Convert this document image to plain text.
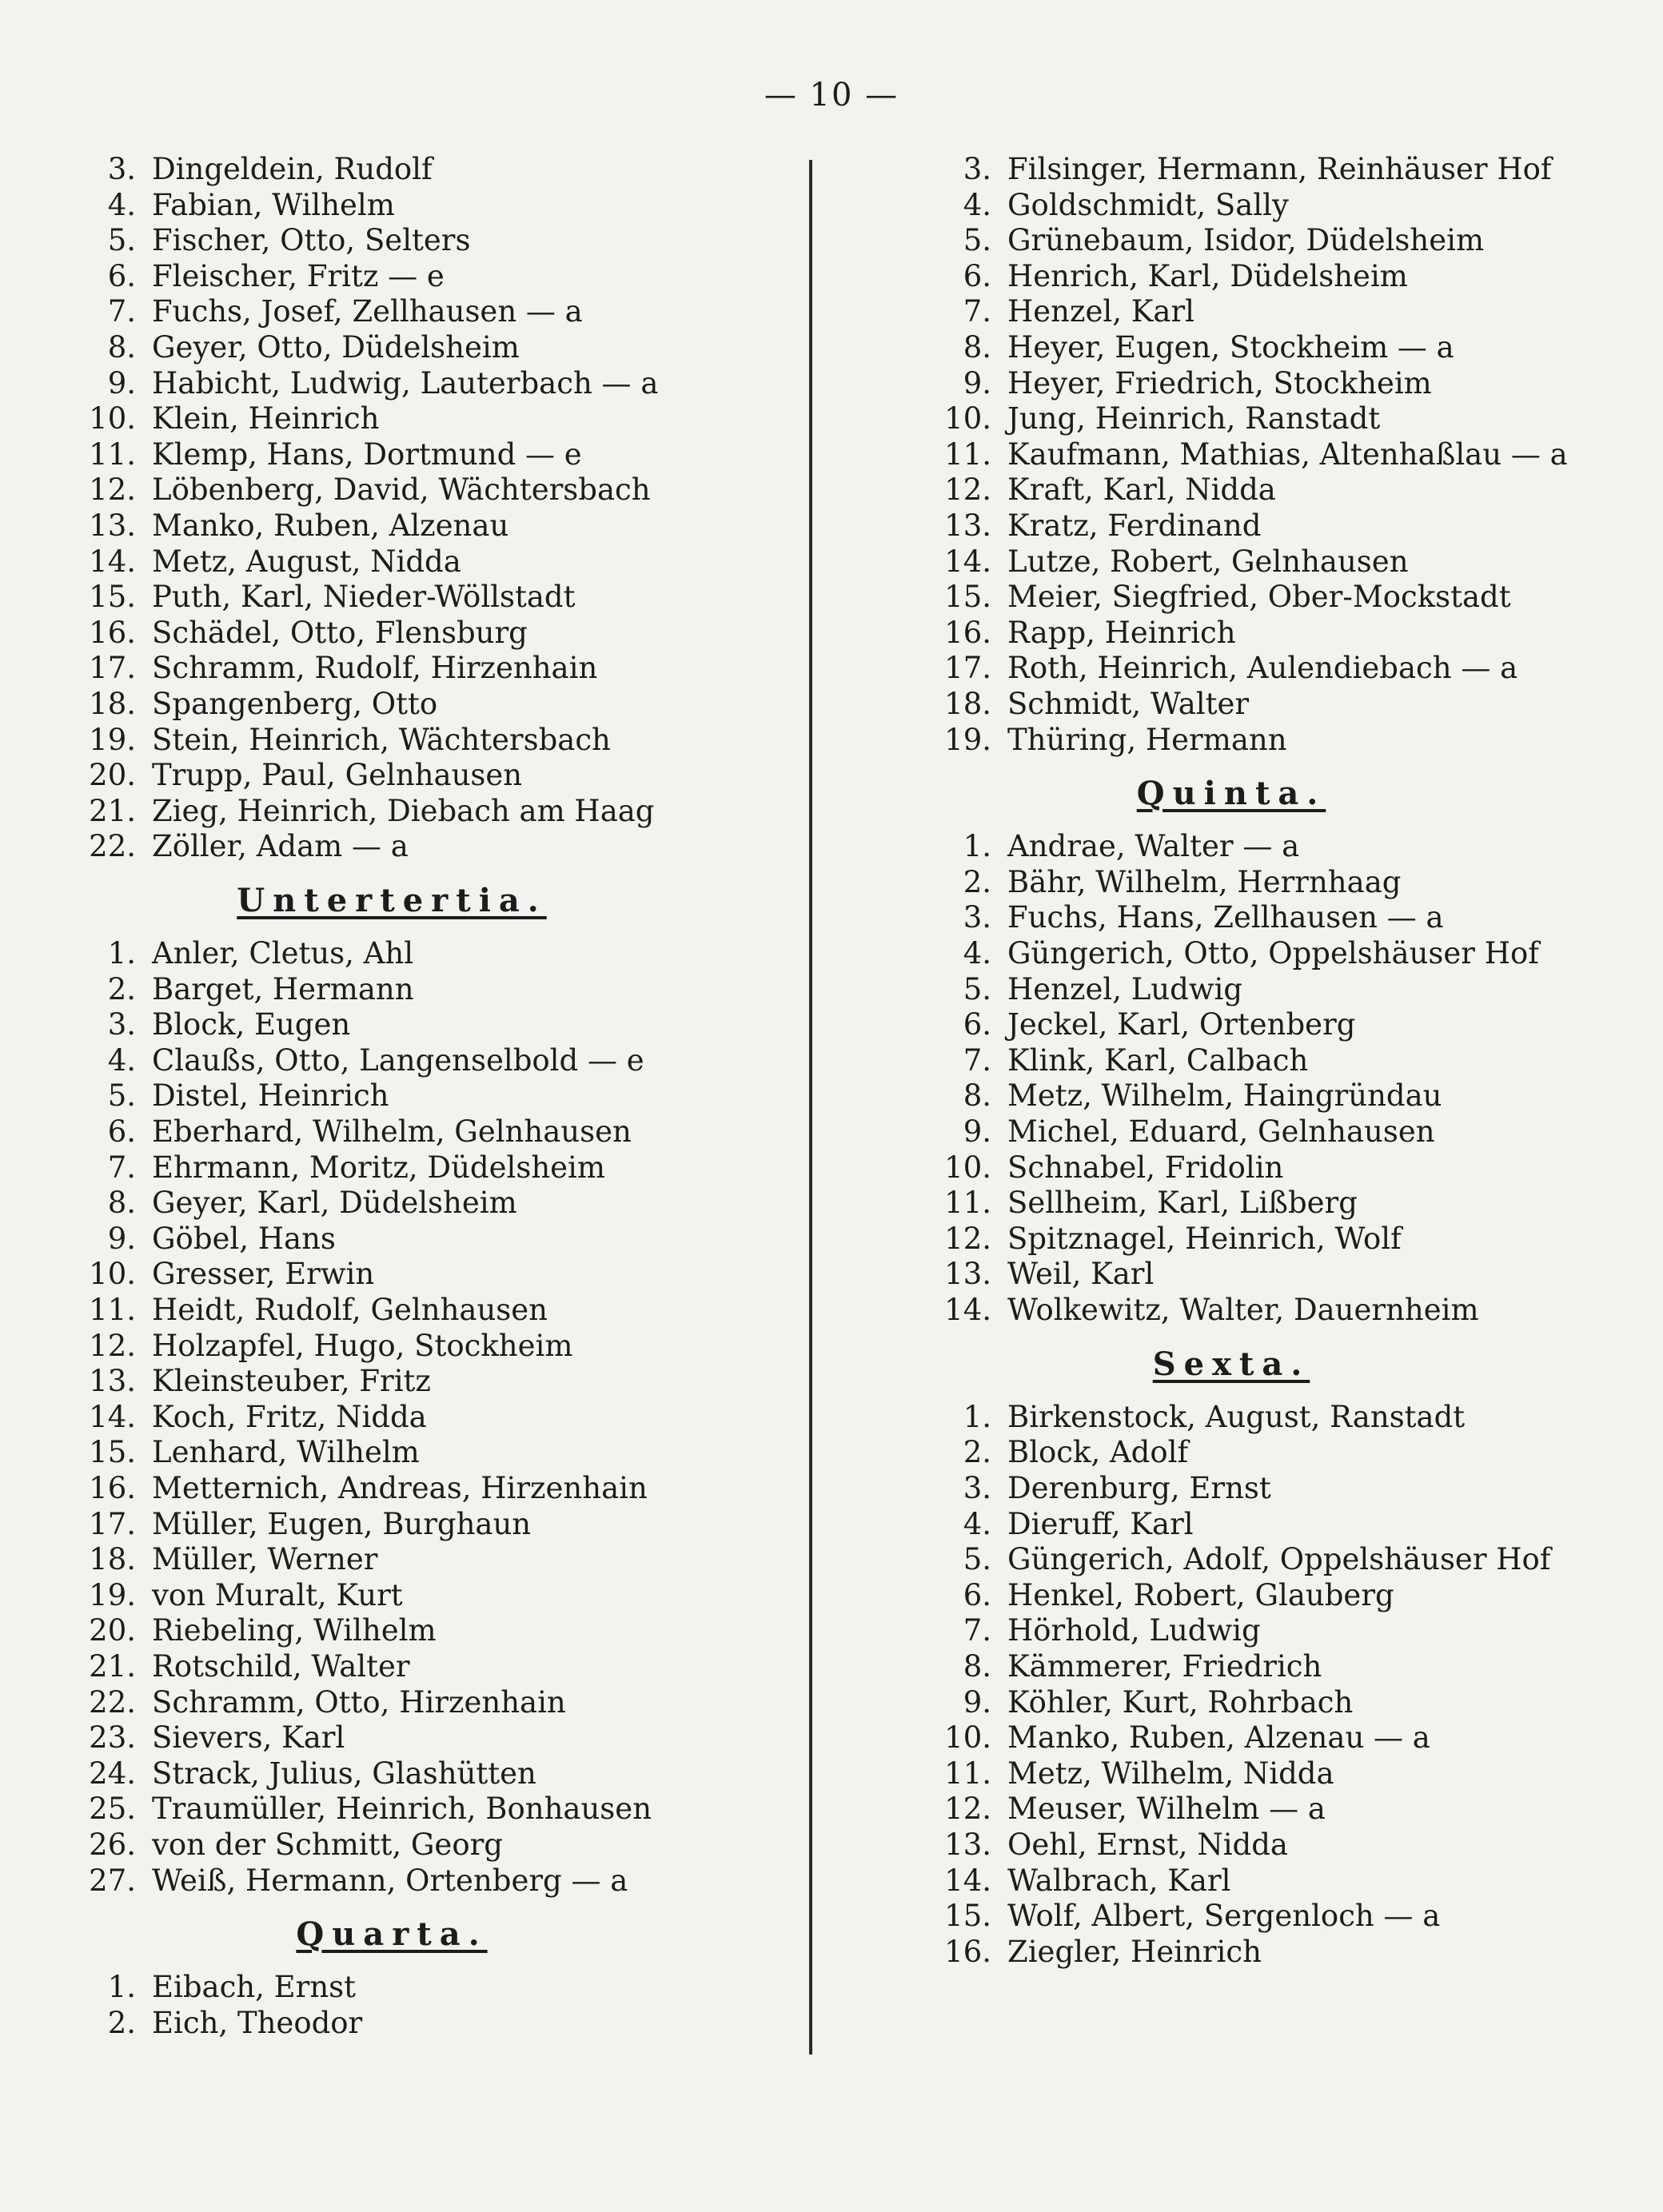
— 10 —
3. Dingeldein, Rudolf
4. Fabian, Wilhelm
5. Fischer, Otto, Selters
6. Fleischer, Fritz — e
7. Fuchs, Josef, Zellhausen — a
8. Geyer, Otto, Düdelsheim
9. Habicht, Ludwig, Lauterbach — a
10. Klein, Heinrich
11. Klemp, Hans, Dortmund — e
12. Löbenberg, David, Wächtersbach
13. Manko, Ruben, Alzenau
14. Metz, August, Nidda
15. Puth, Karl, Nieder-Wöllstadt
16. Schädel, Otto, Flensburg
17. Schramm, Rudolf, Hirzenhain
18. Spangenberg, Otto
19. Stein, Heinrich, Wächtersbach
20. Trupp, Paul, Gelnhausen
21. Zieg, Heinrich, Diebach am Haag
22. Zöller, Adam — a
Untertertia.
1. Anler, Cletus, Ahl
2. Barget, Hermann
3. Block, Eugen
4. Claußs, Otto, Langenselbold — e
5. Distel, Heinrich
6. Eberhard, Wilhelm, Gelnhausen
7. Ehrmann, Moritz, Düdelsheim
8. Geyer, Karl, Düdelsheim
9. Göbel, Hans
10. Gresser, Erwin
11. Heidt, Rudolf, Gelnhausen
12. Holzapfel, Hugo, Stockheim
13. Kleinsteuber, Fritz
14. Koch, Fritz, Nidda
15. Lenhard, Wilhelm
16. Metternich, Andreas, Hirzenhain
17. Müller, Eugen, Burghaun
18. Müller, Werner
19. von Muralt, Kurt
20. Riebeling, Wilhelm
21. Rotschild, Walter
22. Schramm, Otto, Hirzenhain
23. Sievers, Karl
24. Strack, Julius, Glashütten
25. Traumüller, Heinrich, Bonhausen
26. von der Schmitt, Georg
27. Weiß, Hermann, Ortenberg — a
Quarta.
1. Eibach, Ernst
2. Eich, Theodor
3. Filsinger, Hermann, Reinhäuser Hof
4. Goldschmidt, Sally
5. Grünebaum, Isidor, Düdelsheim
6. Henrich, Karl, Düdelsheim
7. Henzel, Karl
8. Heyer, Eugen, Stockheim — a
9. Heyer, Friedrich, Stockheim
10. Jung, Heinrich, Ranstadt
11. Kaufmann, Mathias, Altenhaßlau — a
12. Kraft, Karl, Nidda
13. Kratz, Ferdinand
14. Lutze, Robert, Gelnhausen
15. Meier, Siegfried, Ober-Mockstadt
16. Rapp, Heinrich
17. Roth, Heinrich, Aulendiebach — a
18. Schmidt, Walter
19. Thüring, Hermann
Quinta.
1. Andrae, Walter — a
2. Bähr, Wilhelm, Herrnhaag
3. Fuchs, Hans, Zellhausen — a
4. Güngerich, Otto, Oppelshäuser Hof
5. Henzel, Ludwig
6. Jeckel, Karl, Ortenberg
7. Klink, Karl, Calbach
8. Metz, Wilhelm, Haingründau
9. Michel, Eduard, Gelnhausen
10. Schnabel, Fridolin
11. Sellheim, Karl, Lißberg
12. Spitznagel, Heinrich, Wolf
13. Weil, Karl
14. Wolkewitz, Walter, Dauernheim
Sexta.
1. Birkenstock, August, Ranstadt
2. Block, Adolf
3. Derenburg, Ernst
4. Dieruff, Karl
5. Güngerich, Adolf, Oppelshäuser Hof
6. Henkel, Robert, Glauberg
7. Hörhold, Ludwig
8. Kämmerer, Friedrich
9. Köhler, Kurt, Rohrbach
10. Manko, Ruben, Alzenau — a
11. Metz, Wilhelm, Nidda
12. Meuser, Wilhelm — a
13. Oehl, Ernst, Nidda
14. Walbrach, Karl
15. Wolf, Albert, Sergenloch — a
16. Ziegler, Heinrich
